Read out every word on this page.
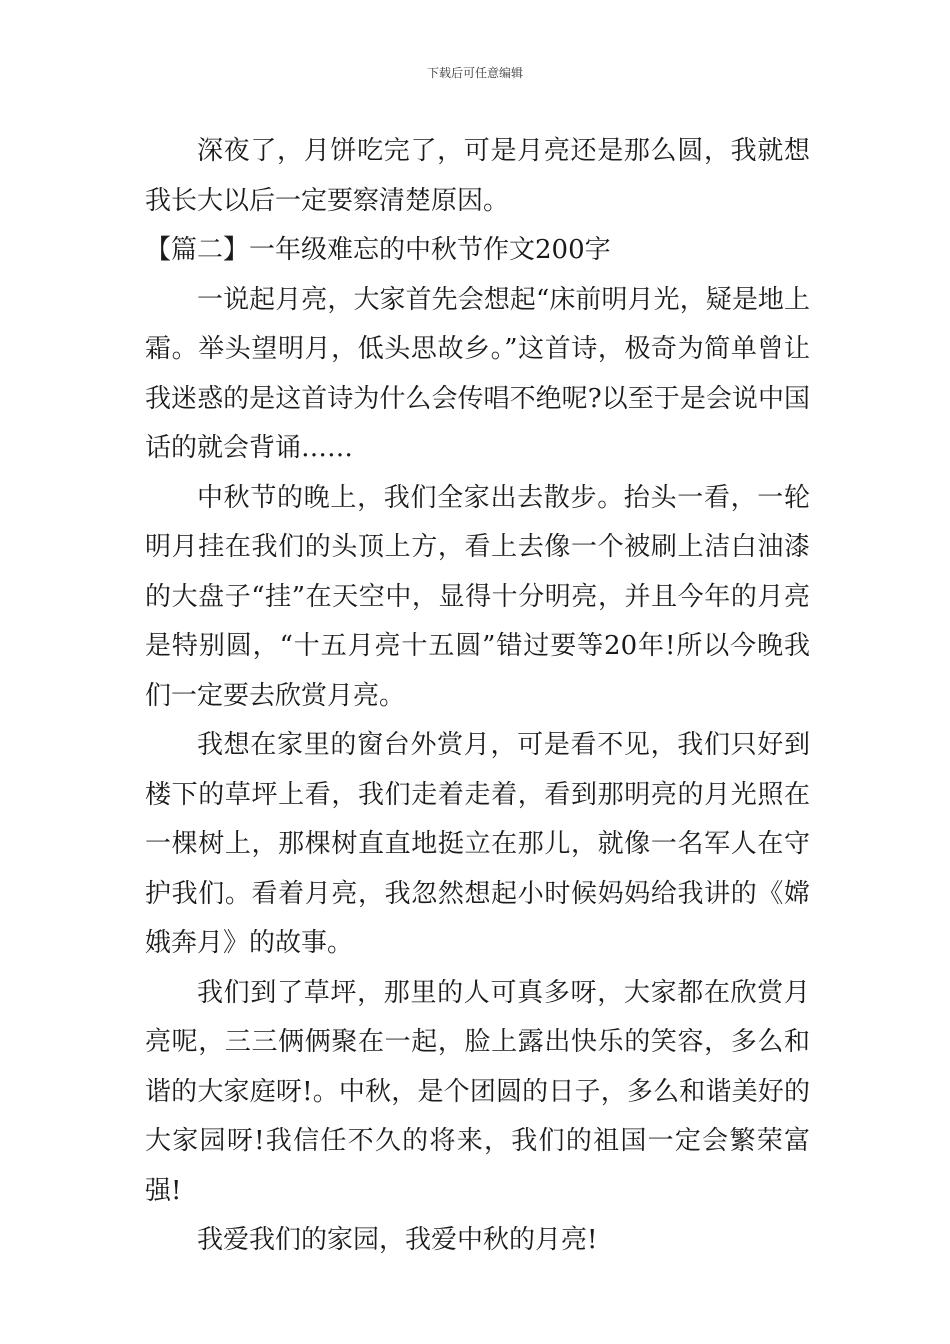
下载后可任意编辑

深夜了，月饼吃完了，可是月亮还是那么圆，我就想我长大以后一定要察清楚原因。

【篇二】一年级难忘的中秋节作文200字

一说起月亮，大家首先会想起“床前明月光，疑是地上霜。举头望明月，低头思故乡。”这首诗，极奇为简单曾让我迷惑的是这首诗为什么会传唱不绝呢?以至于是会说中国话的就会背诵……

中秋节的晚上，我们全家出去散步。抬头一看，一轮明月挂在我们的头顶上方，看上去像一个被刷上洁白油漆的大盘子“挂”在天空中，显得十分明亮，并且今年的月亮是特别圆，“十五月亮十五圆”错过要等20年!所以今晚我们一定要去欣赏月亮。

我想在家里的窗台外赏月，可是看不见，我们只好到楼下的草坪上看，我们走着走着，看到那明亮的月光照在一棵树上，那棵树直直地挺立在那儿，就像一名军人在守护我们。看着月亮，我忽然想起小时候妈妈给我讲的《嫦娥奔月》的故事。

我们到了草坪，那里的人可真多呀，大家都在欣赏月亮呢，三三俩俩聚在一起，脸上露出快乐的笑容，多么和谐的大家庭呀!。中秋，是个团圆的日子，多么和谐美好的大家园呀!我信任不久的将来，我们的祖国一定会繁荣富强!

我爱我们的家园，我爱中秋的月亮!
